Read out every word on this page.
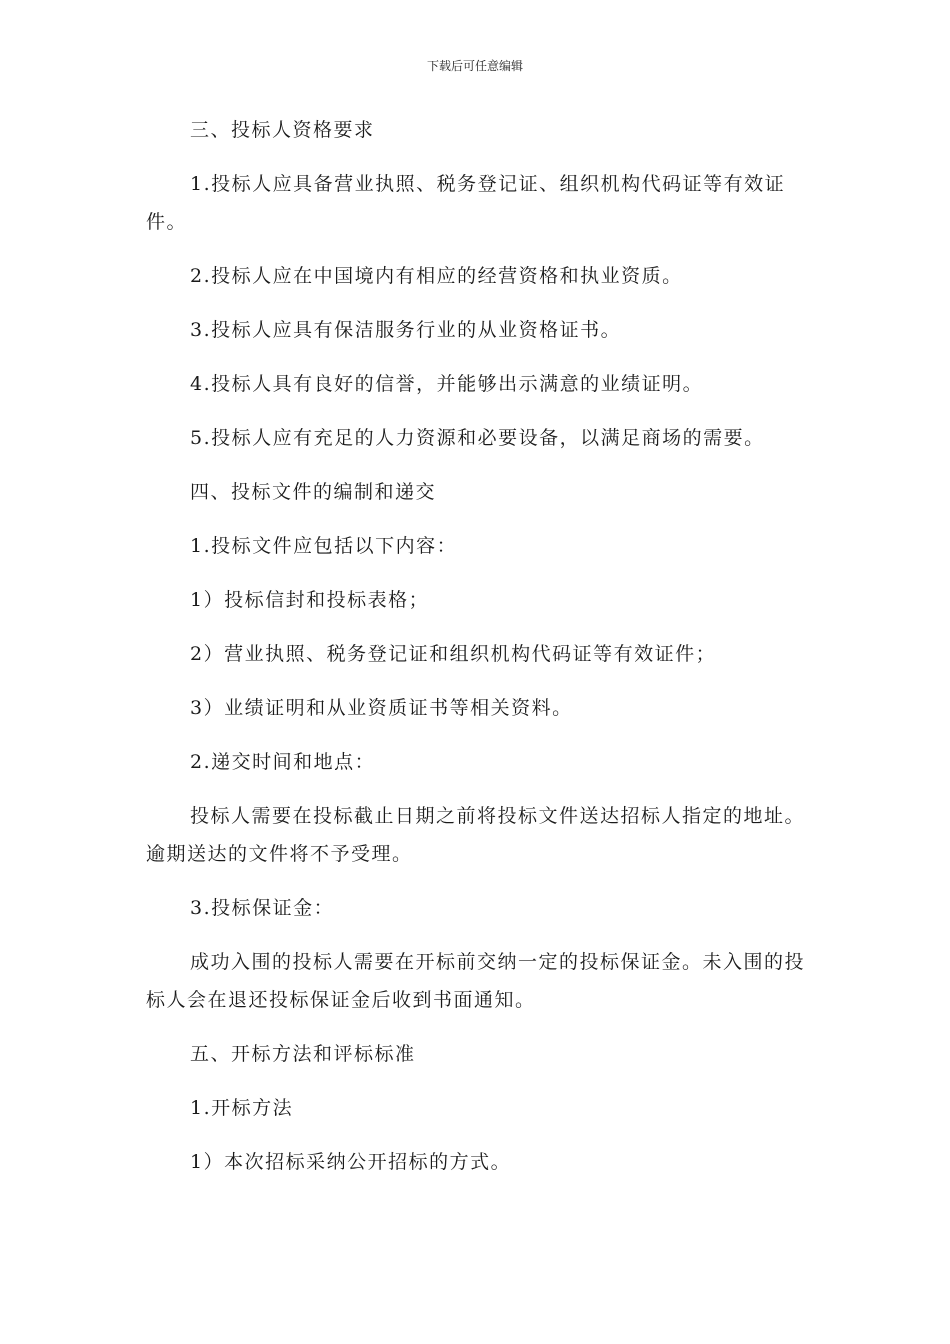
下载后可任意编辑

三、投标人资格要求

1.投标人应具备营业执照、税务登记证、组织机构代码证等有效证件。

2.投标人应在中国境内有相应的经营资格和执业资质。

3.投标人应具有保洁服务行业的从业资格证书。

4.投标人具有良好的信誉，并能够出示满意的业绩证明。

5.投标人应有充足的人力资源和必要设备，以满足商场的需要。

四、投标文件的编制和递交

1.投标文件应包括以下内容：

1）投标信封和投标表格；

2）营业执照、税务登记证和组织机构代码证等有效证件；

3）业绩证明和从业资质证书等相关资料。

2.递交时间和地点：

投标人需要在投标截止日期之前将投标文件送达招标人指定的地址。逾期送达的文件将不予受理。

3.投标保证金：

成功入围的投标人需要在开标前交纳一定的投标保证金。未入围的投标人会在退还投标保证金后收到书面通知。

五、开标方法和评标标准

1.开标方法

1）本次招标采纳公开招标的方式。
